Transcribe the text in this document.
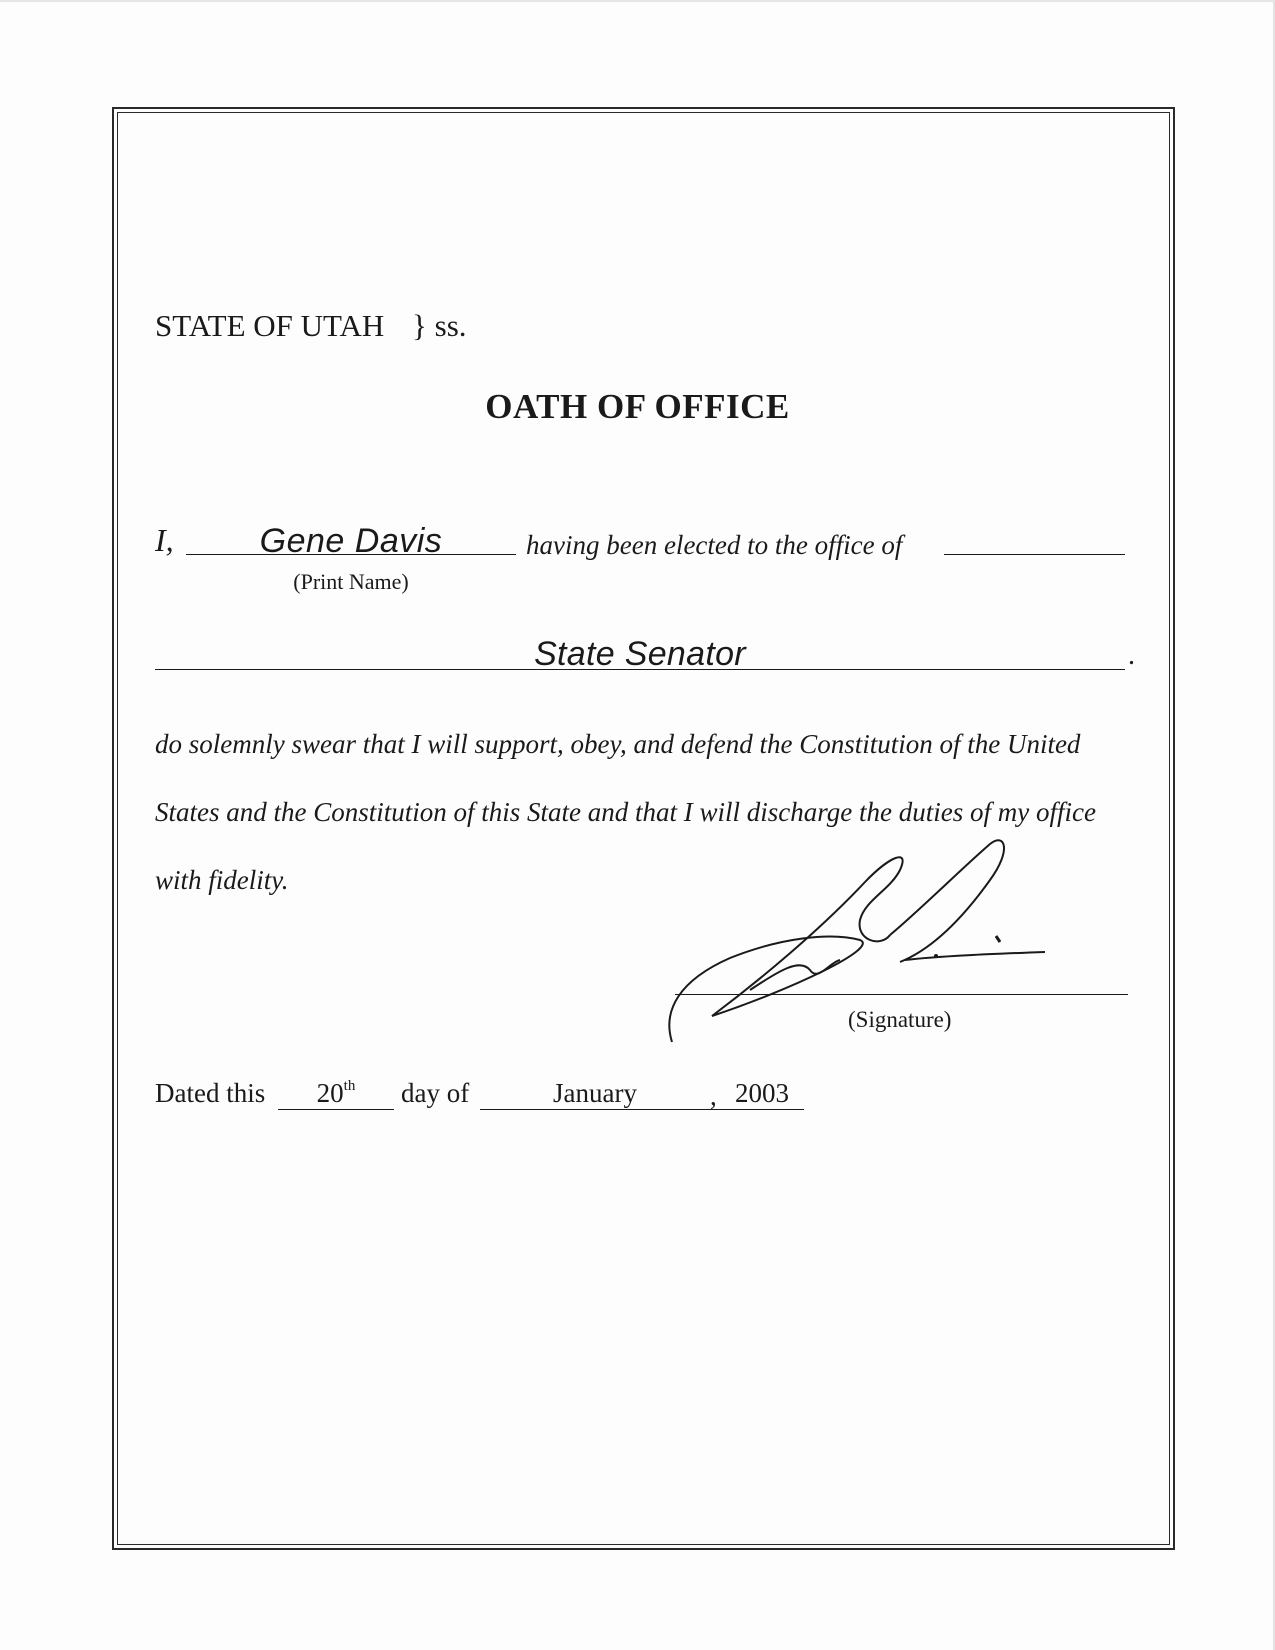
STATE OF UTAH } ss.
OATH OF OFFICE
I,	Gene Davis
(Print Name)
having been elected to the office of
State Senator	.
do solemnly swear that I will support, obey, and defend the Constitution of the United States and the Constitution of this State and that I will discharge the duties of my office with fidelity.
(Signature)
Dated this	20th	day of	January	, 2003
